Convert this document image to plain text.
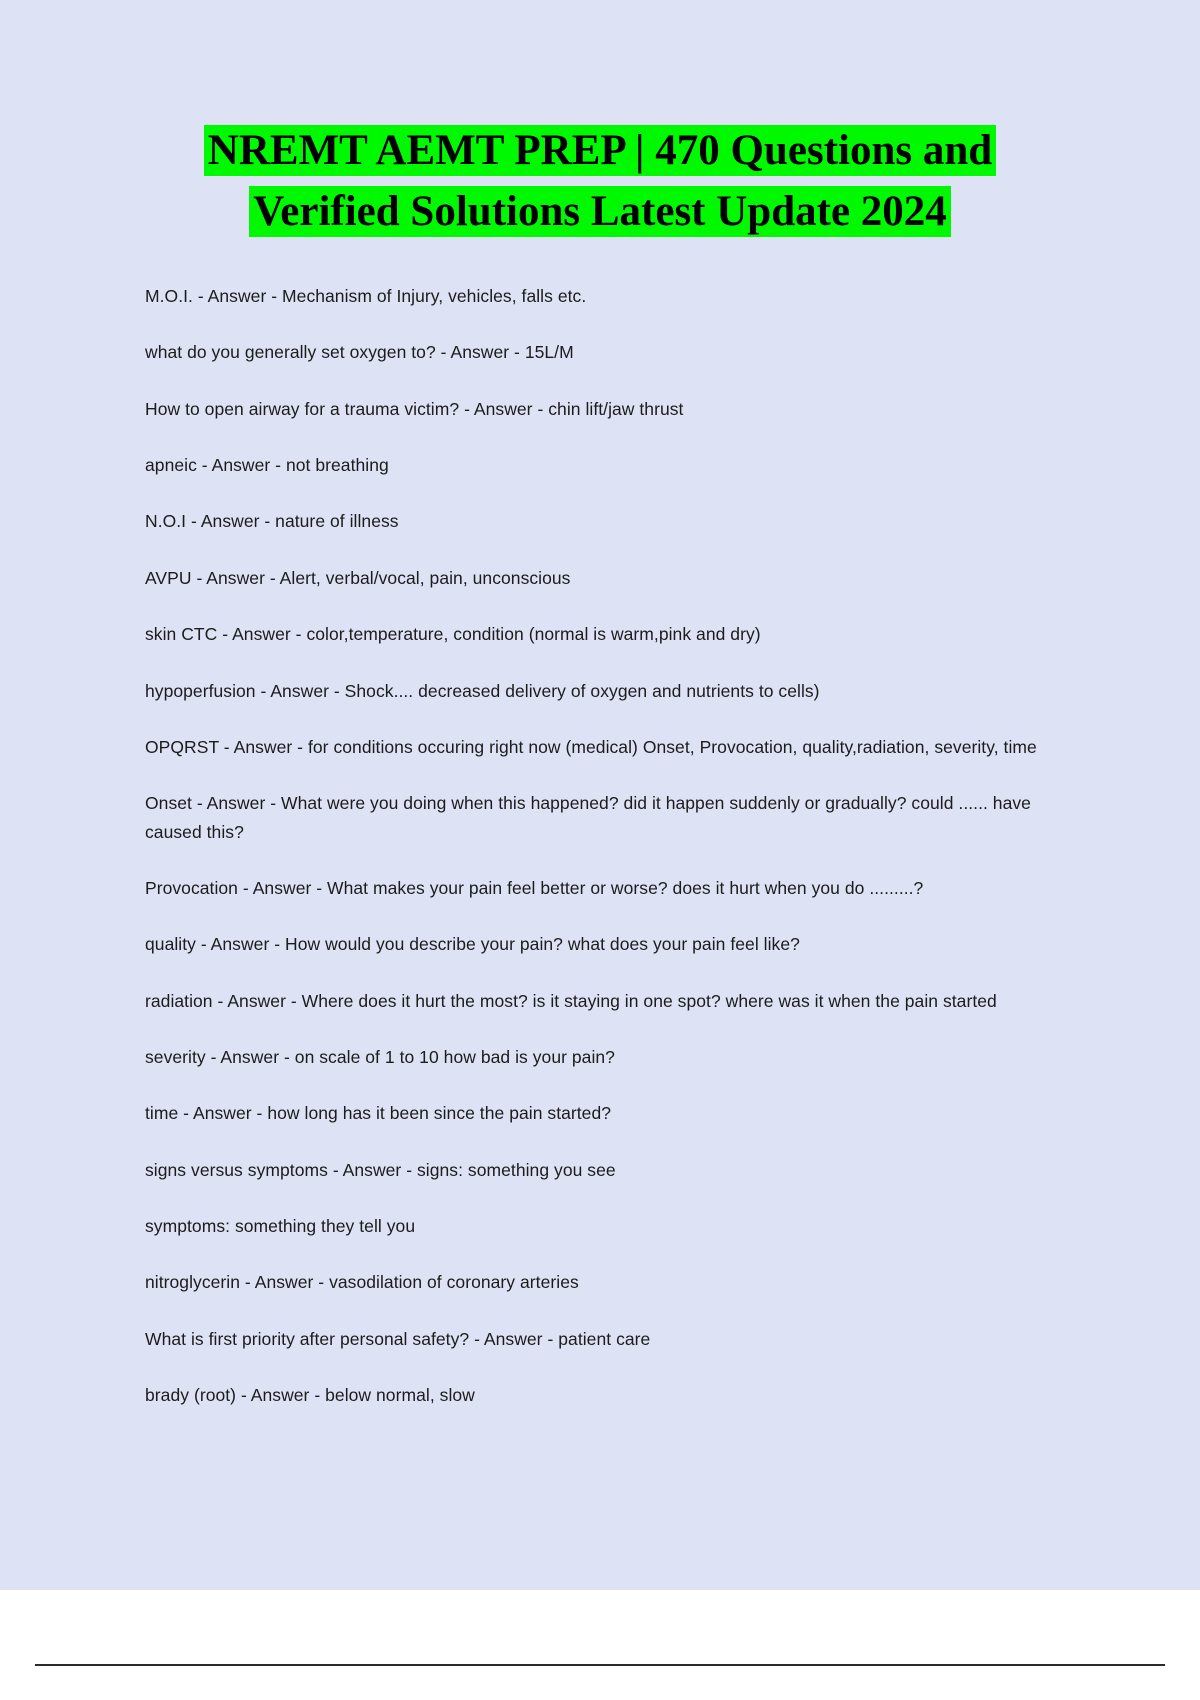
NREMT AEMT PREP | 470 Questions and
Verified Solutions Latest Update 2024

M.O.I. - Answer - Mechanism of Injury, vehicles, falls etc.

what do you generally set oxygen to? - Answer - 15L/M

How to open airway for a trauma victim? - Answer - chin lift/jaw thrust

apneic - Answer - not breathing

N.O.I - Answer - nature of illness

AVPU - Answer - Alert, verbal/vocal, pain, unconscious

skin CTC - Answer - color,temperature, condition (normal is warm,pink and dry)

hypoperfusion - Answer - Shock.... decreased delivery of oxygen and nutrients to cells)

OPQRST - Answer - for conditions occuring right now (medical) Onset, Provocation, quality,radiation, severity, time

Onset - Answer - What were you doing when this happened? did it happen suddenly or gradually? could ...... have caused this?

Provocation - Answer - What makes your pain feel better or worse? does it hurt when you do .........?

quality - Answer - How would you describe your pain? what does your pain feel like?

radiation - Answer - Where does it hurt the most? is it staying in one spot? where was it when the pain started

severity - Answer - on scale of 1 to 10 how bad is your pain?

time - Answer - how long has it been since the pain started?

signs versus symptoms - Answer - signs: something you see

symptoms: something they tell you

nitroglycerin - Answer - vasodilation of coronary arteries

What is first priority after personal safety? - Answer - patient care

brady (root) - Answer - below normal, slow
